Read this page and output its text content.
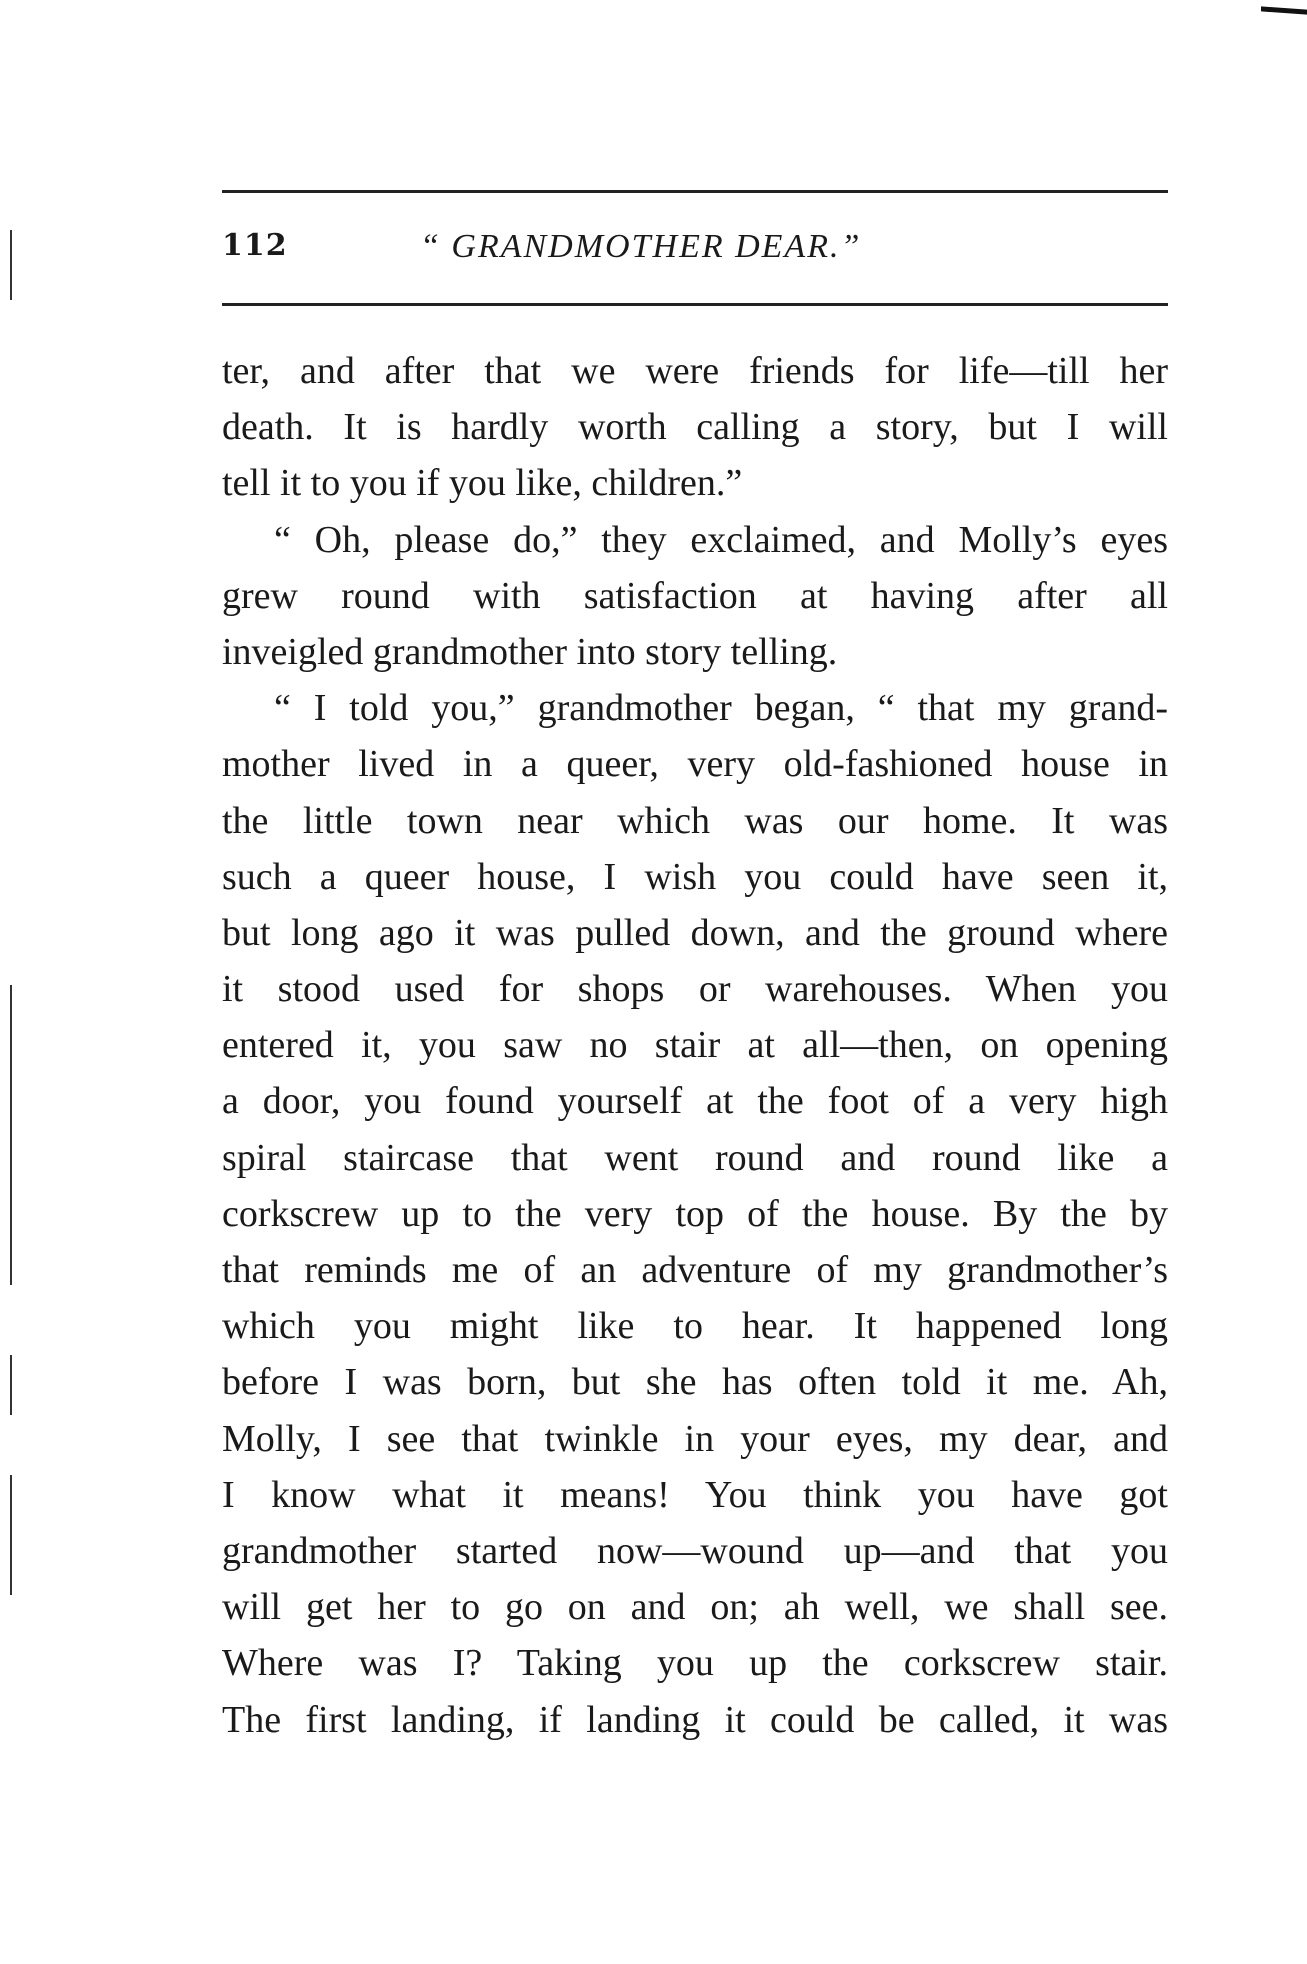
112	“ GRANDMOTHER DEAR.”
ter, and after that we were friends for life—till her
death. It is hardly worth calling a story, but I will
tell it to you if you like, children.”
“ Oh, please do,” they exclaimed, and Molly’s eyes
grew round with satisfaction at having after all
inveigled grandmother into story telling.
“ I told you,” grandmother began, “ that my grand-
mother lived in a queer, very old-fashioned house in
the little town near which was our home. It was
such a queer house, I wish you could have seen it,
but long ago it was pulled down, and the ground where
it stood used for shops or warehouses. When you
entered it, you saw no stair at all—then, on opening
a door, you found yourself at the foot of a very high
spiral staircase that went round and round like a
corkscrew up to the very top of the house. By the by
that reminds me of an adventure of my grandmother’s
which you might like to hear. It happened long
before I was born, but she has often told it me. Ah,
Molly, I see that twinkle in your eyes, my dear, and
I know what it means! You think you have got
grandmother started now—wound up—and that you
will get her to go on and on; ah well, we shall see.
Where was I? Taking you up the corkscrew stair.
The first landing, if landing it could be called, it was
